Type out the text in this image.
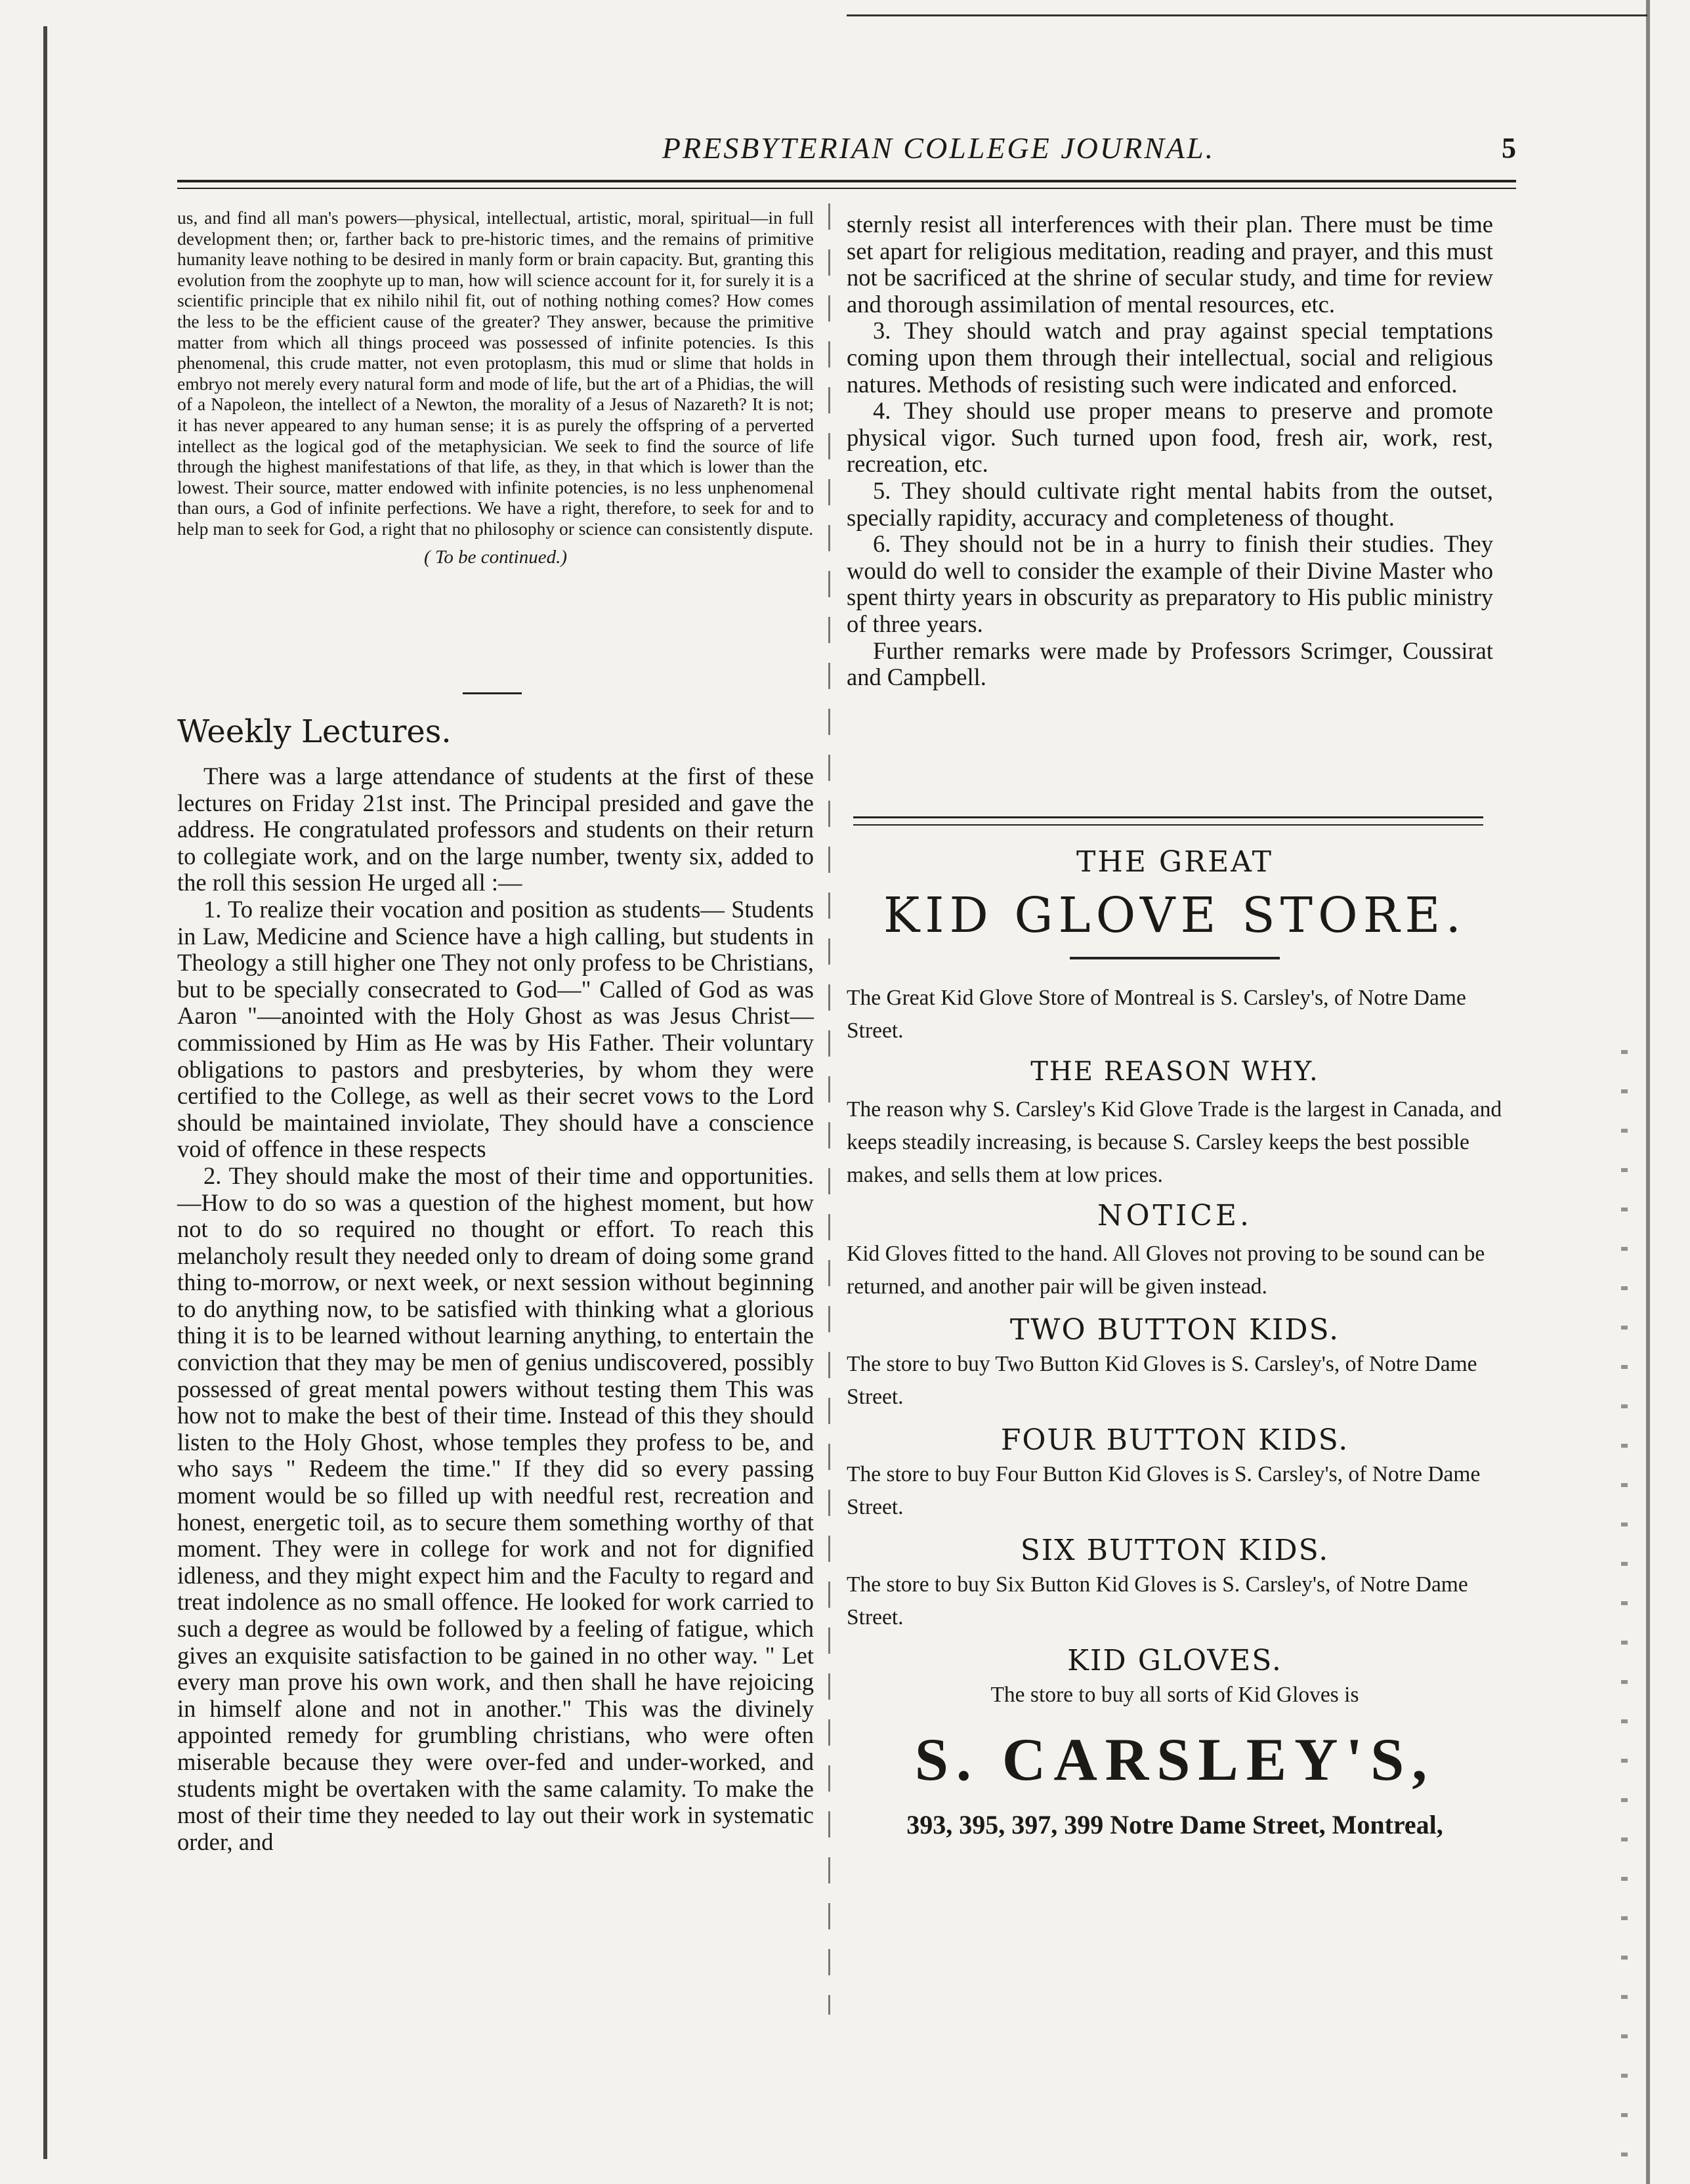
PRESBYTERIAN COLLEGE JOURNAL.	5

us, and find all man's powers—physical, intellectual, artistic, moral, spiritual—in full development then; or, farther back to pre-historic times, and the remains of primitive humanity leave nothing to be desired in manly form or brain capacity. But, granting this evolution from the zoophyte up to man, how will science account for it, for surely it is a scientific principle that ex nihilo nihil fit, out of nothing nothing comes? How comes the less to be the efficient cause of the greater? They answer, because the primitive matter from which all things proceed was possessed of infinite potencies. Is this phenomenal, this crude matter, not even protoplasm, this mud or slime that holds in embryo not merely every natural form and mode of life, but the art of a Phidias, the will of a Napoleon, the intellect of a Newton, the morality of a Jesus of Nazareth? It is not; it has never appeared to any human sense; it is as purely the offspring of a perverted intellect as the logical god of the metaphysician. We seek to find the source of life through the highest manifestations of that life, as they, in that which is lower than the lowest. Their source, matter endowed with infinite potencies, is no less unphenomenal than ours, a God of infinite perfections. We have a right, therefore, to seek for and to help man to seek for God, a right that no philosophy or science can consistently dispute.

( To be continued.)

Weekly Lectures.

There was a large attendance of students at the first of these lectures on Friday 21st inst. The Principal presided and gave the address. He congratulated professors and students on their return to collegiate work, and on the large number, twenty six, added to the roll this session He urged all :—

1. To realize their vocation and position as students— Students in Law, Medicine and Science have a high calling, but students in Theology a still higher one They not only profess to be Christians, but to be specially consecrated to God—" Called of God as was Aaron "—anointed with the Holy Ghost as was Jesus Christ—commissioned by Him as He was by His Father. Their voluntary obligations to pastors and presbyteries, by whom they were certified to the College, as well as their secret vows to the Lord should be maintained inviolate, They should have a conscience void of offence in these respects

2. They should make the most of their time and opportunities.—How to do so was a question of the highest moment, but how not to do so required no thought or effort. To reach this melancholy result they needed only to dream of doing some grand thing to-morrow, or next week, or next session without beginning to do anything now, to be satisfied with thinking what a glorious thing it is to be learned without learning anything, to entertain the conviction that they may be men of genius undiscovered, possibly possessed of great mental powers without testing them This was how not to make the best of their time. Instead of this they should listen to the Holy Ghost, whose temples they profess to be, and who says " Redeem the time." If they did so every passing moment would be so filled up with needful rest, recreation and honest, energetic toil, as to secure them something worthy of that moment. They were in college for work and not for dignified idleness, and they might expect him and the Faculty to regard and treat indolence as no small offence. He looked for work carried to such a degree as would be followed by a feeling of fatigue, which gives an exquisite satisfaction to be gained in no other way. " Let every man prove his own work, and then shall he have rejoicing in himself alone and not in another." This was the divinely appointed remedy for grumbling christians, who were often miserable because they were over-fed and under-worked, and students might be overtaken with the same calamity. To make the most of their time they needed to lay out their work in systematic order, and

sternly resist all interferences with their plan. There must be time set apart for religious meditation, reading and prayer, and this must not be sacrificed at the shrine of secular study, and time for review and thorough assimilation of mental resources, etc.

3. They should watch and pray against special temptations coming upon them through their intellectual, social and religious natures. Methods of resisting such were indicated and enforced.

4. They should use proper means to preserve and promote physical vigor. Such turned upon food, fresh air, work, rest, recreation, etc.

5. They should cultivate right mental habits from the outset, specially rapidity, accuracy and completeness of thought.

6. They should not be in a hurry to finish their studies. They would do well to consider the example of their Divine Master who spent thirty years in obscurity as preparatory to His public ministry of three years.

Further remarks were made by Professors Scrimger, Coussirat and Campbell.

THE GREAT
KID GLOVE STORE.

The Great Kid Glove Store of Montreal is S. Carsley's, of Notre Dame Street.

THE REASON WHY.

The reason why S. Carsley's Kid Glove Trade is the largest in Canada, and keeps steadily increasing, is because S. Carsley keeps the best possible makes, and sells them at low prices.

NOTICE.

Kid Gloves fitted to the hand. All Gloves not proving to be sound can be returned, and another pair will be given instead.

TWO BUTTON KIDS.

The store to buy Two Button Kid Gloves is S. Carsley's, of Notre Dame Street.

FOUR BUTTON KIDS.

The store to buy Four Button Kid Gloves is S. Carsley's, of Notre Dame Street.

SIX BUTTON KIDS.

The store to buy Six Button Kid Gloves is S. Carsley's, of Notre Dame Street.

KID GLOVES.

The store to buy all sorts of Kid Gloves is

S. CARSLEY'S,
393, 395, 397, 399 Notre Dame Street, Montreal,
